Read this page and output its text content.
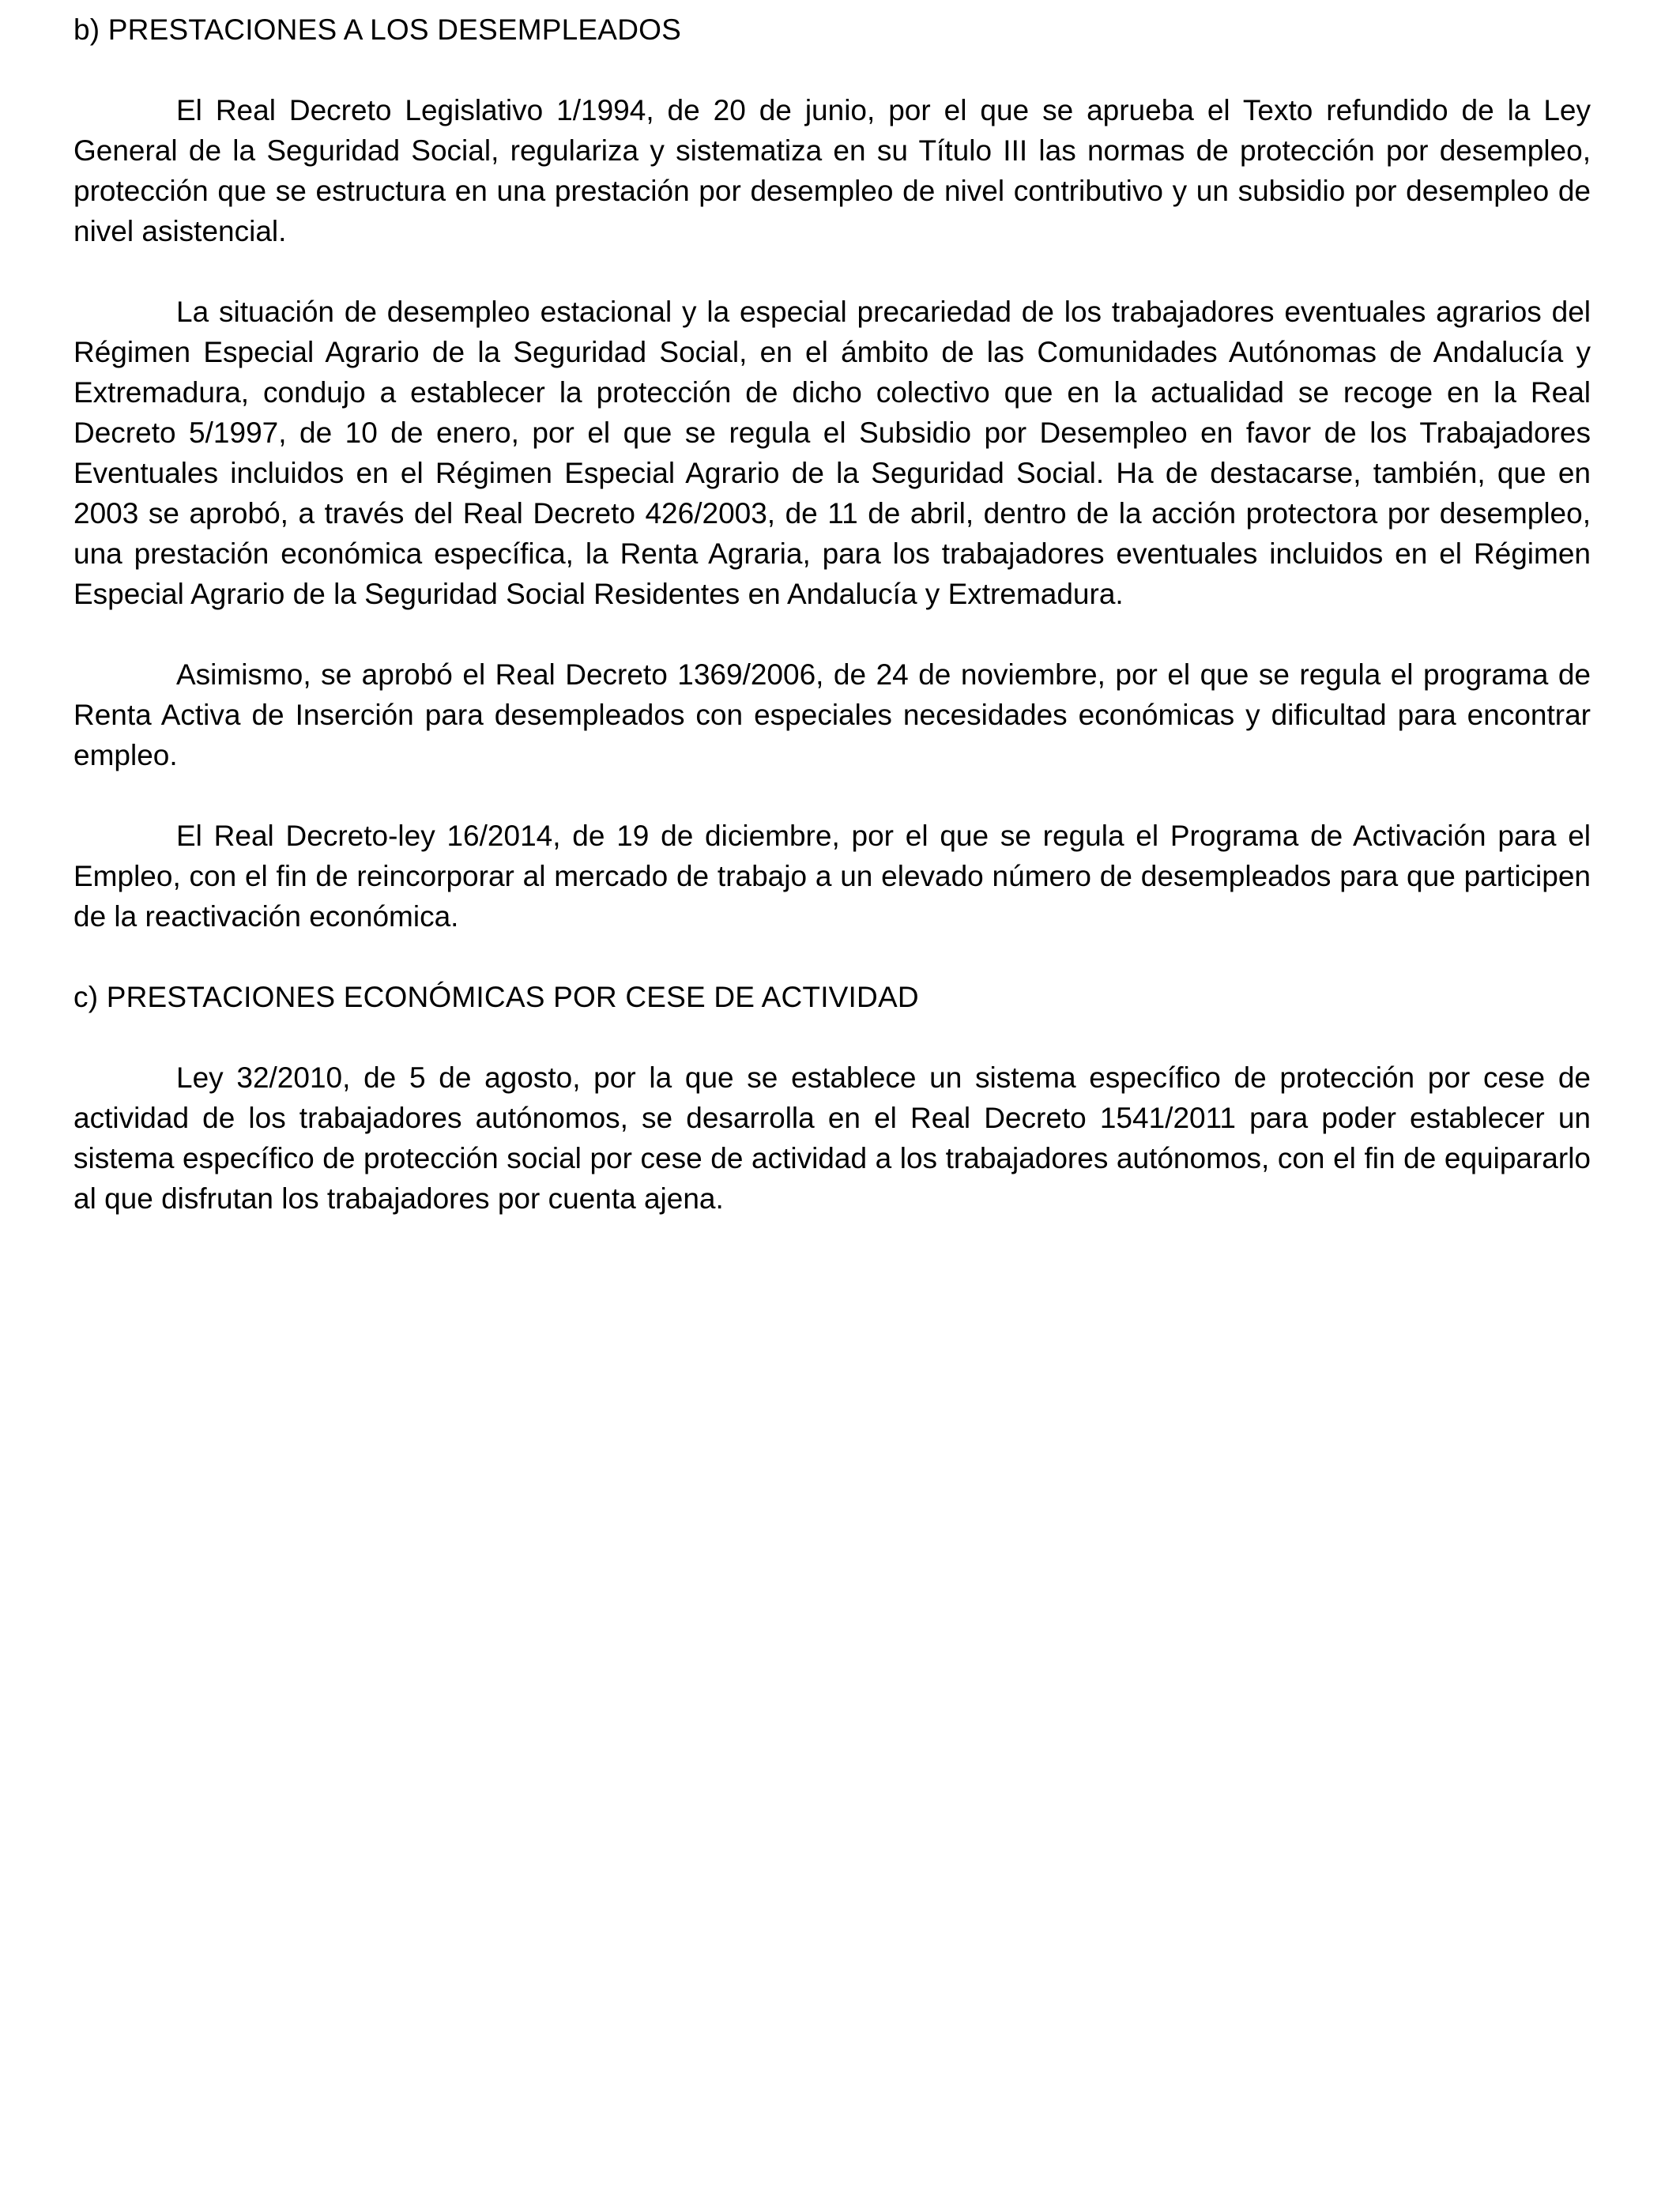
b) PRESTACIONES A LOS DESEMPLEADOS

El Real Decreto Legislativo 1/1994, de 20 de junio, por el que se aprueba el Texto refundido de la Ley General de la Seguridad Social, regulariza y sistematiza en su Título III las normas de protección por desempleo, protección que se estructura en una prestación por desempleo de nivel contributivo y un subsidio por desempleo de nivel asistencial.

La situación de desempleo estacional y la especial precariedad de los trabajadores eventuales agrarios del Régimen Especial Agrario de la Seguridad Social, en el ámbito de las Comunidades Autónomas de Andalucía y Extremadura, condujo a establecer la protección de dicho colectivo que en la actualidad se recoge en la Real Decreto 5/1997, de 10 de enero, por el que se regula el Subsidio por Desempleo en favor de los Trabajadores Eventuales incluidos en el Régimen Especial Agrario de la Seguridad Social. Ha de destacarse, también, que en 2003 se aprobó, a través del Real Decreto 426/2003, de 11 de abril, dentro de la acción protectora por desempleo, una prestación económica específica, la Renta Agraria, para los trabajadores eventuales incluidos en el Régimen Especial Agrario de la Seguridad Social Residentes en Andalucía y Extremadura.

Asimismo, se aprobó el Real Decreto 1369/2006, de 24 de noviembre, por el que se regula el programa de Renta Activa de Inserción para desempleados con especiales necesidades económicas y dificultad para encontrar empleo.

El Real Decreto-ley 16/2014, de 19 de diciembre, por el que se regula el Programa de Activación para el Empleo, con el fin de reincorporar al mercado de trabajo a un elevado número de desempleados para que participen de la reactivación económica.

c) PRESTACIONES ECONÓMICAS POR CESE DE ACTIVIDAD

Ley 32/2010, de 5 de agosto, por la que se establece un sistema específico de protección por cese de actividad de los trabajadores autónomos, se desarrolla en el Real Decreto 1541/2011 para poder establecer un sistema específico de protección social por cese de actividad a los trabajadores autónomos, con el fin de equipararlo al que disfrutan los trabajadores por cuenta ajena.
